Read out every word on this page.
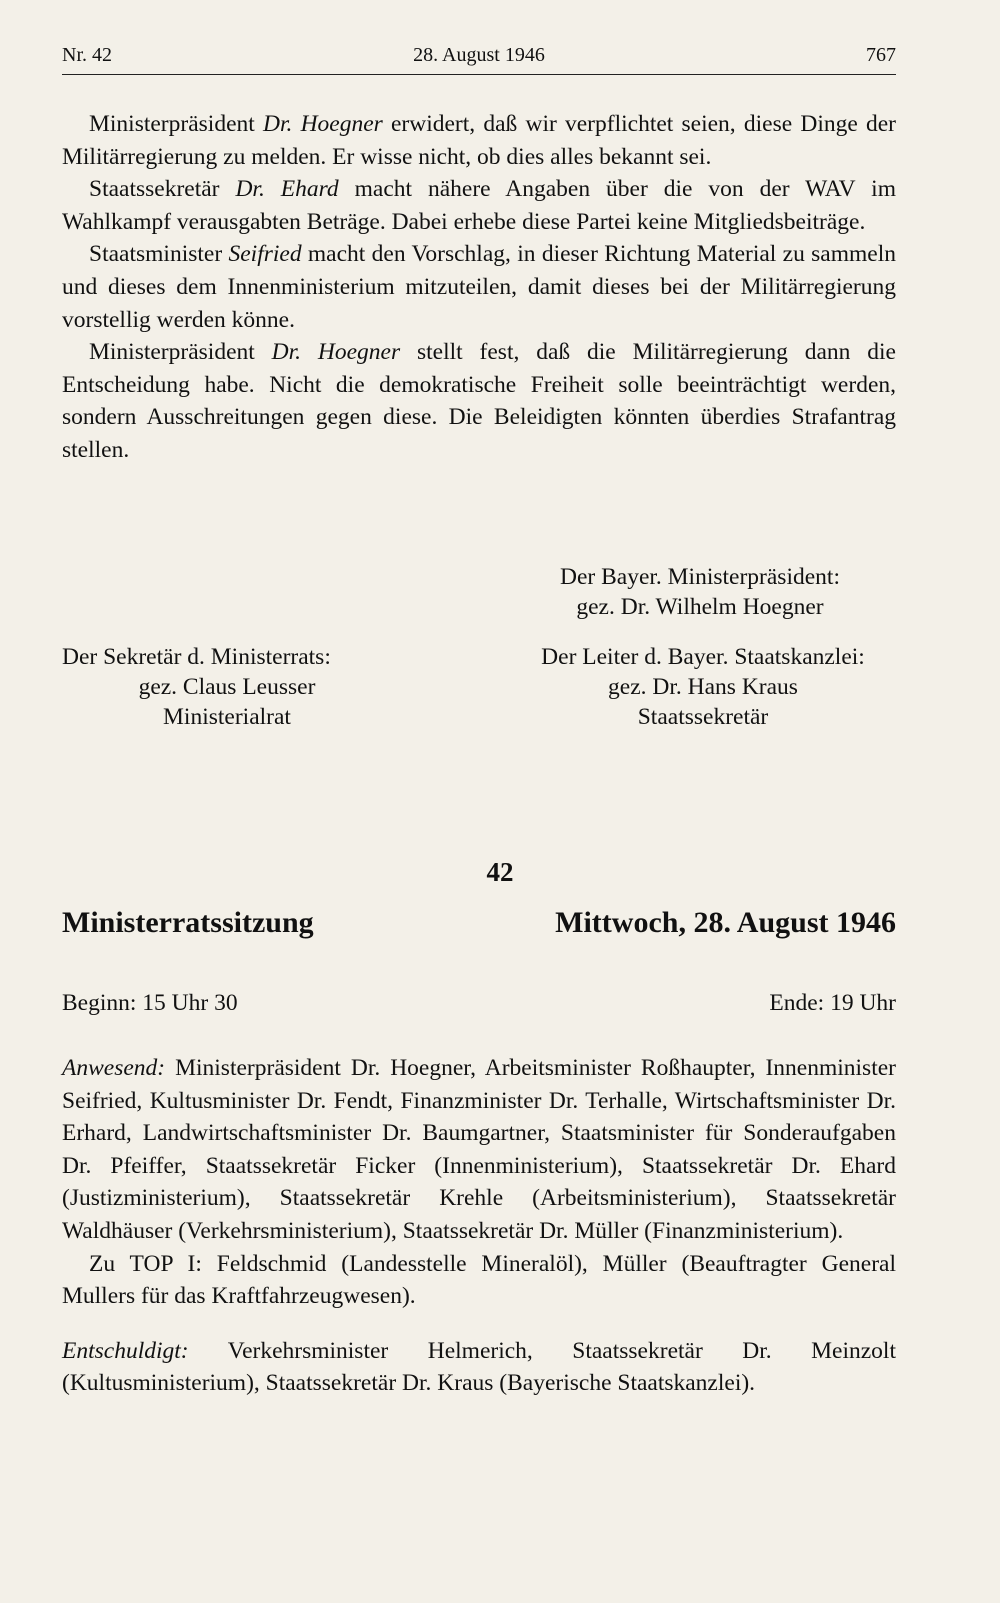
Nr. 42	28. August 1946	767

Ministerpräsident Dr. Hoegner erwidert, daß wir verpflichtet seien, diese Dinge der Militärregierung zu melden. Er wisse nicht, ob dies alles bekannt sei.

Staatssekretär Dr. Ehard macht nähere Angaben über die von der WAV im Wahlkampf verausgabten Beträge. Dabei erhebe diese Partei keine Mitgliedsbeiträge.

Staatsminister Seifried macht den Vorschlag, in dieser Richtung Material zu sammeln und dieses dem Innenministerium mitzuteilen, damit dieses bei der Militärregierung vorstellig werden könne.

Ministerpräsident Dr. Hoegner stellt fest, daß die Militärregierung dann die Entscheidung habe. Nicht die demokratische Freiheit solle beeinträchtigt werden, sondern Ausschreitungen gegen diese. Die Beleidigten könnten überdies Strafantrag stellen.

Der Bayer. Ministerpräsident:
gez. Dr. Wilhelm Hoegner
Der Sekretär d. Ministerrats:
gez. Claus Leusser
Ministerialrat
Der Leiter d. Bayer. Staatskanzlei:
gez. Dr. Hans Kraus
Staatssekretär
42
Ministerratssitzung	Mittwoch, 28. August 1946
Beginn: 15 Uhr 30	Ende: 19 Uhr

Anwesend: Ministerpräsident Dr. Hoegner, Arbeitsminister Roßhaupter, Innenminister Seifried, Kultusminister Dr. Fendt, Finanzminister Dr. Terhalle, Wirtschaftsminister Dr. Erhard, Landwirtschaftsminister Dr. Baumgartner, Staatsminister für Sonderaufgaben Dr. Pfeiffer, Staatssekretär Ficker (Innenministerium), Staatssekretär Dr. Ehard (Justizministerium), Staatssekretär Krehle (Arbeitsministerium), Staatssekretär Waldhäuser (Verkehrsministerium), Staatssekretär Dr. Müller (Finanzministerium).

Zu TOP I: Feldschmid (Landesstelle Mineralöl), Müller (Beauftragter General Mullers für das Kraftfahrzeugwesen).

Entschuldigt: Verkehrsminister Helmerich, Staatssekretär Dr. Meinzolt (Kultusministerium), Staatssekretär Dr. Kraus (Bayerische Staatskanzlei).
